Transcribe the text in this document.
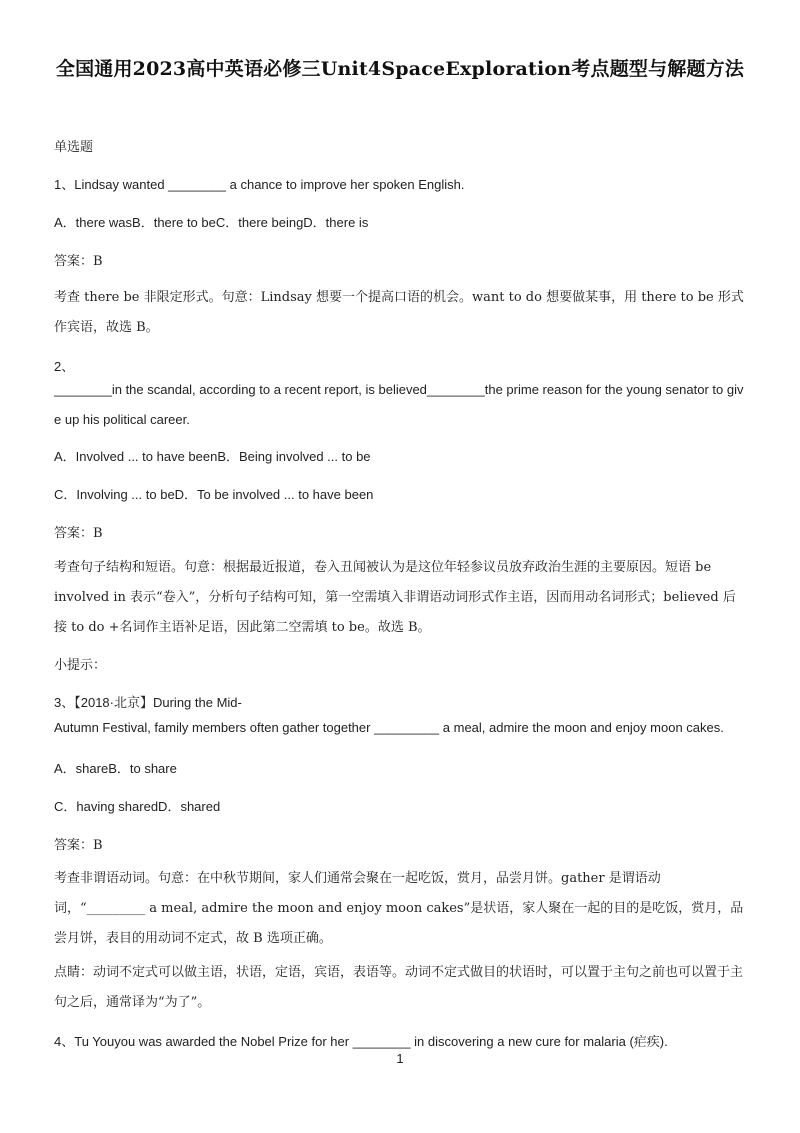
全国通用2023高中英语必修三Unit4SpaceExploration考点题型与解题方法
单选题
1、Lindsay wanted ________ a chance to improve her spoken English.
A．there wasB．there to beC．there beingD．there is
答案：B
考查 there be 非限定形式。句意：Lindsay 想要一个提高口语的机会。want to do 想要做某事，用 there to be 形式作宾语，故选 B。
2、
________in the scandal, according to a recent report, is believed________the prime reason for the young senator to give up his political career.
A．Involved ... to have beenB．Being involved ... to be
C．Involving ... to beD．To be involved ... to have been
答案：B
考查句子结构和短语。句意：根据最近报道，卷入丑闻被认为是这位年轻参议员放弃政治生涯的主要原因。短语 be involved in 表示“卷入”，分析句子结构可知，第一空需填入非谓语动词形式作主语，因而用动名词形式；believed 后接 to do +名词作主语补足语，因此第二空需填 to be。故选 B。
小提示：
3、【2018·北京】During the Mid-
Autumn Festival, family members often gather together _________ a meal, admire the moon and enjoy moon cakes.
A．shareB．to share
C．having sharedD．shared
答案：B
考查非谓语动词。句意：在中秋节期间，家人们通常会聚在一起吃饭，赏月，品尝月饼。gather 是谓语动词，“_________ a meal, admire the moon and enjoy moon cakes”是状语，家人聚在一起的目的是吃饭，赏月，品尝月饼，表目的用动词不定式，故 B 选项正确。
点睛：动词不定式可以做主语，状语，定语，宾语，表语等。动词不定式做目的状语时，可以置于主句之前也可以置于主句之后，通常译为“为了”。
4、Tu Youyou was awarded the Nobel Prize for her ________ in discovering a new cure for malaria (疟疾).
1
